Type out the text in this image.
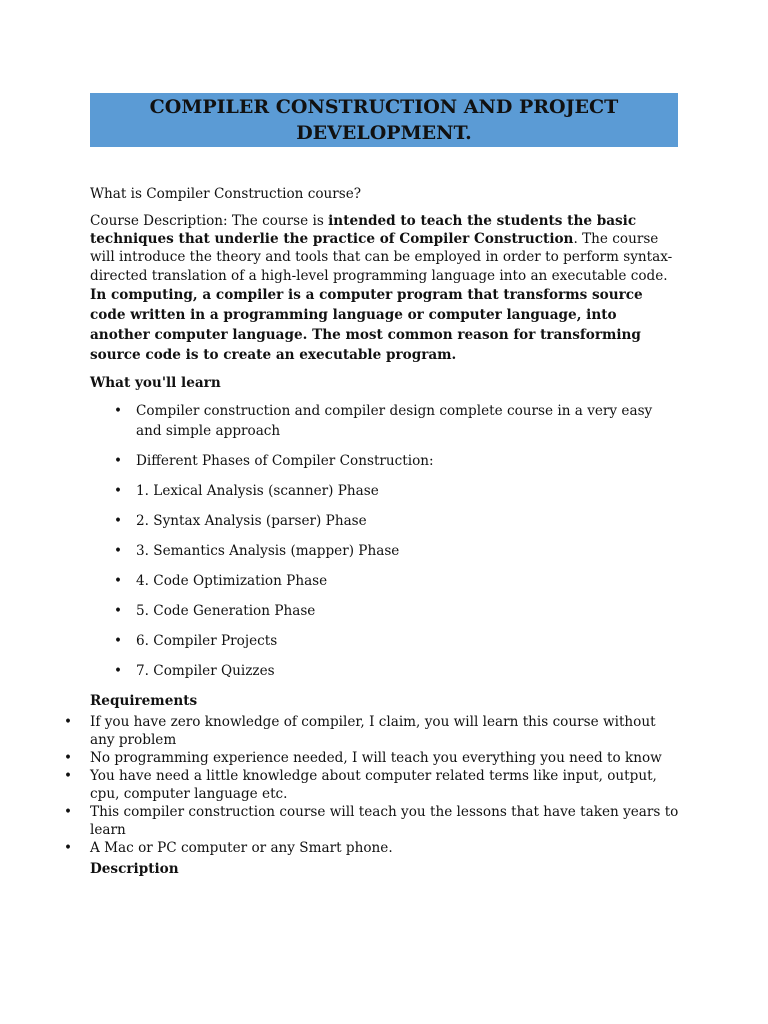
COMPILER CONSTRUCTION AND PROJECT
DEVELOPMENT.
What is Compiler Construction course?
Course Description: The course is intended to teach the students the basic techniques that underlie the practice of Compiler Construction. The course will introduce the theory and tools that can be employed in order to perform syntax-directed translation of a high-level programming language into an executable code.
In computing, a compiler is a computer program that transforms source code written in a programming language or computer language, into another computer language. The most common reason for transforming source code is to create an executable program.
What you'll learn
• Compiler construction and compiler design complete course in a very easy and simple approach
• Different Phases of Compiler Construction:
• 1. Lexical Analysis (scanner) Phase
• 2. Syntax Analysis (parser) Phase
• 3. Semantics Analysis (mapper) Phase
• 4. Code Optimization Phase
• 5. Code Generation Phase
• 6. Compiler Projects
• 7. Compiler Quizzes
Requirements
• If you have zero knowledge of compiler, I claim, you will learn this course without any problem
• No programming experience needed, I will teach you everything you need to know
• You have need a little knowledge about computer related terms like input, output, cpu, computer language etc.
• This compiler construction course will teach you the lessons that have taken years to learn
• A Mac or PC computer or any Smart phone.
Description
